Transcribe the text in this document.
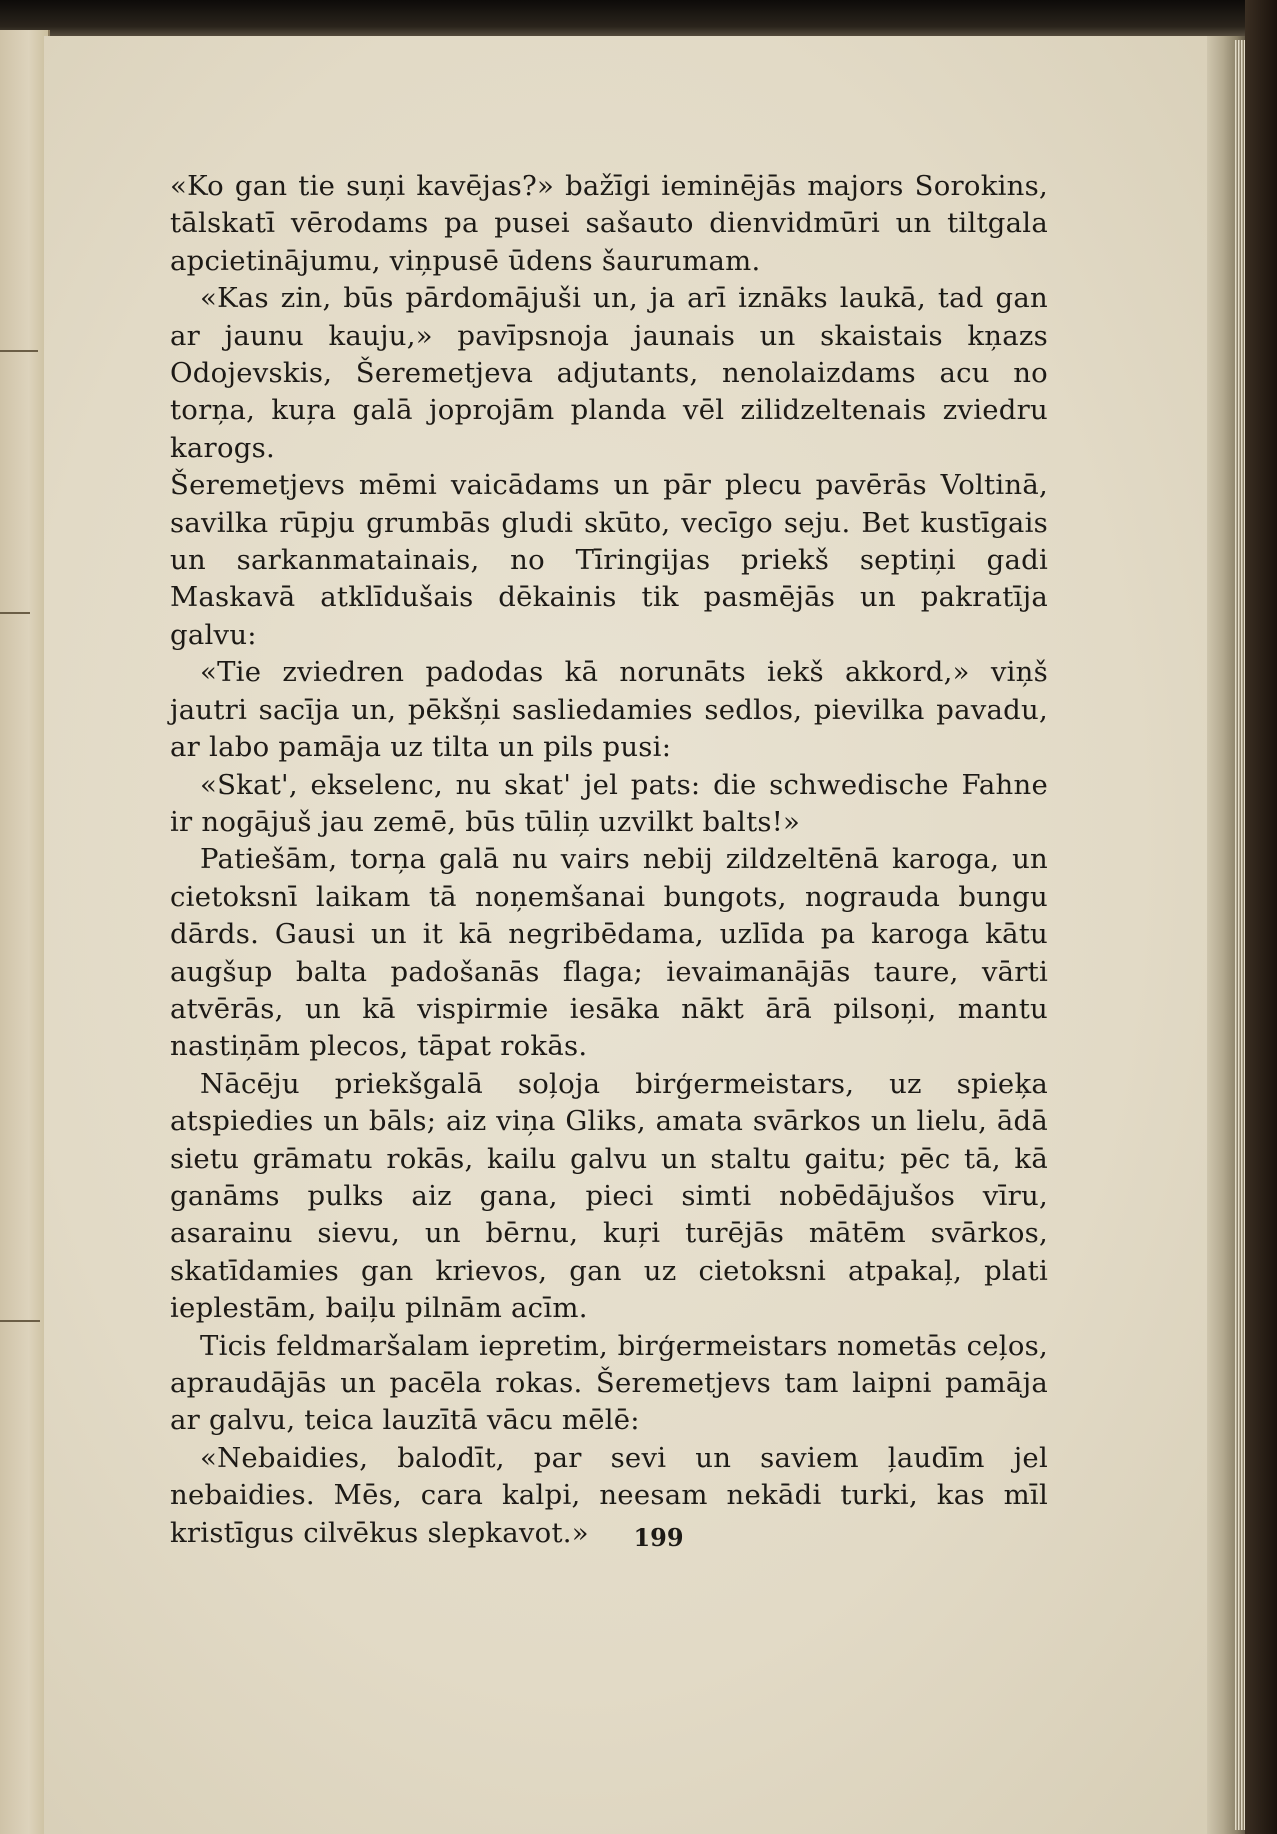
«Ko gan tie suņi kavējas?» bažīgi ieminējās majors Sorokins, tālskatī vērodams pa pusei sašauto dienvidmūri un tiltgala apcietinājumu, viņpusē ūdens šaurumam.

«Kas zin, būs pārdomājuši un, ja arī iznāks laukā, tad gan ar jaunu kauju,» pavīpsnoja jaunais un skaistais kņazs Odojevskis, Šeremetjeva adjutants, nenolaizdams acu no torņa, kuŗa galā joprojām planda vēl zilidzeltenais zviedru karogs.

Šeremetjevs mēmi vaicādams un pār plecu pavērās Voltinā, savilka rūpju grumbās gludi skūto, vecīgo seju. Bet kustīgais un sarkanmatainais, no Tīringijas priekš septiņi gadi Maskavā atklīdušais dēkainis tik pasmējās un pakratīja galvu:

«Tie zviedren padodas kā norunāts iekš akkord,» viņš jautri sacīja un, pēkšņi sasliedamies sedlos, pievilka pavadu, ar labo pamāja uz tilta un pils pusi:

«Skat', ekselenc, nu skat' jel pats: die schwedische Fahne ir nogājuš jau zemē, būs tūliņ uzvilkt balts!»

Patiešām, torņa galā nu vairs nebij zildzeltēnā karoga, un cietoksnī laikam tā noņemšanai bungots, nograuda bungu dārds. Gausi un it kā negribēdama, uzlīda pa karoga kātu augšup balta padošanās flaga; ievaimanājās taure, vārti atvērās, un kā vispirmie iesāka nākt ārā pilsoņi, mantu nastiņām plecos, tāpat rokās.

Nācēju priekšgalā soļoja birģermeistars, uz spieķa atspiedies un bāls; aiz viņa Gliks, amata svārkos un lielu, ādā sietu grāmatu rokās, kailu galvu un staltu gaitu; pēc tā, kā ganāms pulks aiz gana, pieci simti nobēdājušos vīru, asarainu sievu, un bērnu, kuŗi turējās mātēm svārkos, skatīdamies gan krievos, gan uz cietoksni atpakaļ, plati ieplestām, baiļu pilnām acīm.

Ticis feldmaršalam iepretim, birģermeistars nometās ceļos, apraudājās un pacēla rokas. Šeremetjevs tam laipni pamāja ar galvu, teica lauzītā vācu mēlē:

«Nebaidies, balodīt, par sevi un saviem ļaudīm jel nebaidies. Mēs, cara kalpi, neesam nekādi turki, kas mīl kristīgus cilvēkus slepkavot.»	199
